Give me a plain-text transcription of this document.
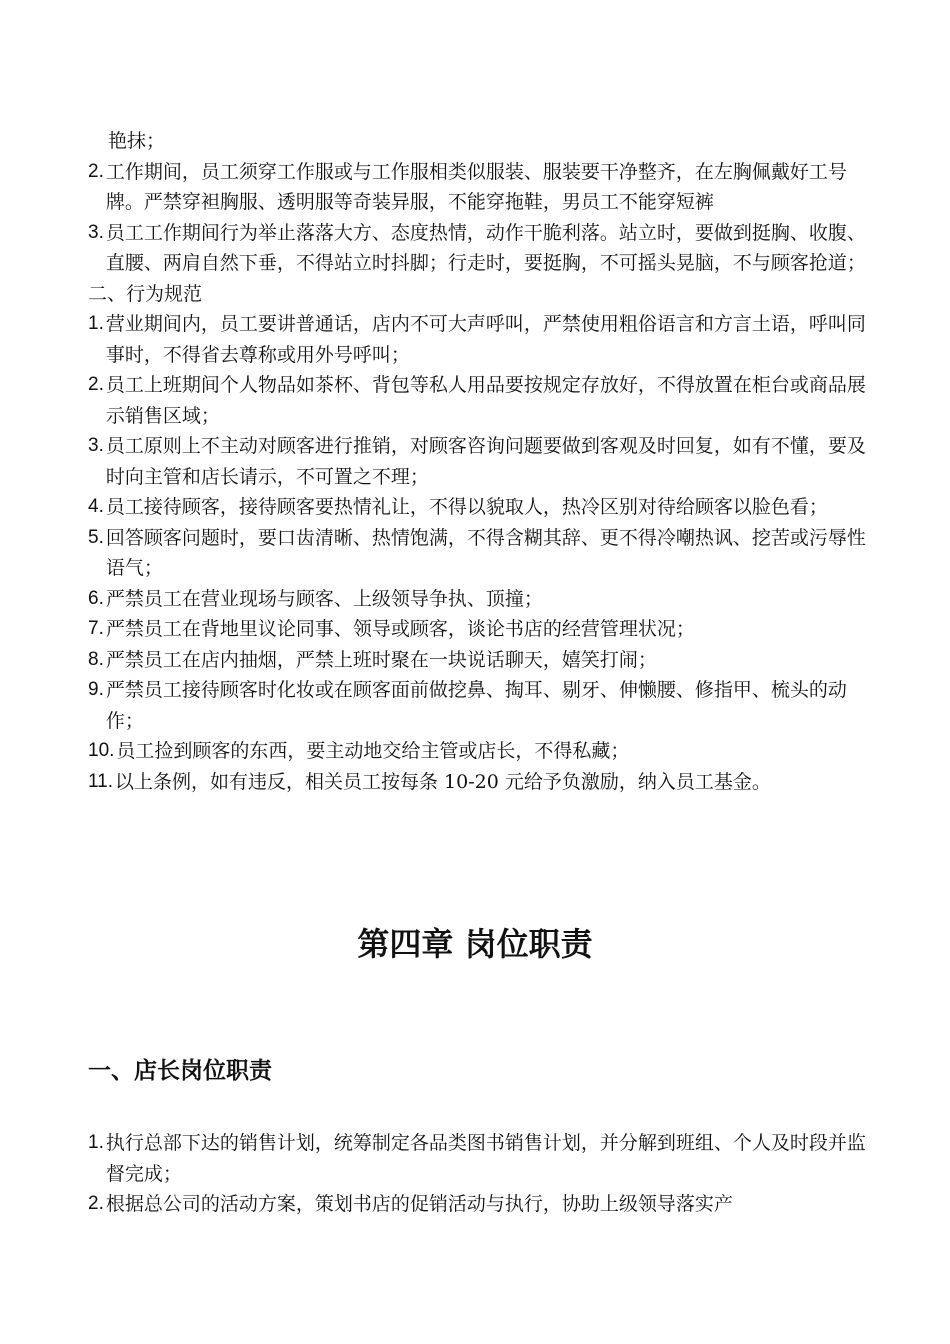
艳抹；
2. 工作期间，员工须穿工作服或与工作服相类似服装、服装要干净整齐，在左胸佩戴好工号牌。严禁穿袒胸服、透明服等奇装异服，不能穿拖鞋，男员工不能穿短裤
3. 员工工作期间行为举止落落大方、态度热情，动作干脆利落。站立时，要做到挺胸、收腹、直腰、两肩自然下垂，不得站立时抖脚；行走时，要挺胸，不可摇头晃脑，不与顾客抢道；
二、行为规范
1. 营业期间内，员工要讲普通话，店内不可大声呼叫，严禁使用粗俗语言和方言土语，呼叫同事时，不得省去尊称或用外号呼叫；
2. 员工上班期间个人物品如茶杯、背包等私人用品要按规定存放好，不得放置在柜台或商品展示销售区域；
3. 员工原则上不主动对顾客进行推销，对顾客咨询问题要做到客观及时回复，如有不懂，要及时向主管和店长请示，不可置之不理；
4. 员工接待顾客，接待顾客要热情礼让，不得以貌取人，热冷区别对待给顾客以脸色看；
5. 回答顾客问题时，要口齿清晰、热情饱满，不得含糊其辞、更不得冷嘲热讽、挖苦或污辱性语气；
6. 严禁员工在营业现场与顾客、上级领导争执、顶撞；
7. 严禁员工在背地里议论同事、领导或顾客，谈论书店的经营管理状况；
8. 严禁员工在店内抽烟，严禁上班时聚在一块说话聊天，嬉笑打闹；
9. 严禁员工接待顾客时化妆或在顾客面前做挖鼻、掏耳、剔牙、伸懒腰、修指甲、梳头的动作；
10. 员工捡到顾客的东西，要主动地交给主管或店长，不得私藏；
11. 以上条例，如有违反，相关员工按每条 10-20 元给予负激励，纳入员工基金。
第四章 岗位职责
一、店长岗位职责
1. 执行总部下达的销售计划，统筹制定各品类图书销售计划，并分解到班组、个人及时段并监督完成；
2. 根据总公司的活动方案，策划书店的促销活动与执行，协助上级领导落实产
